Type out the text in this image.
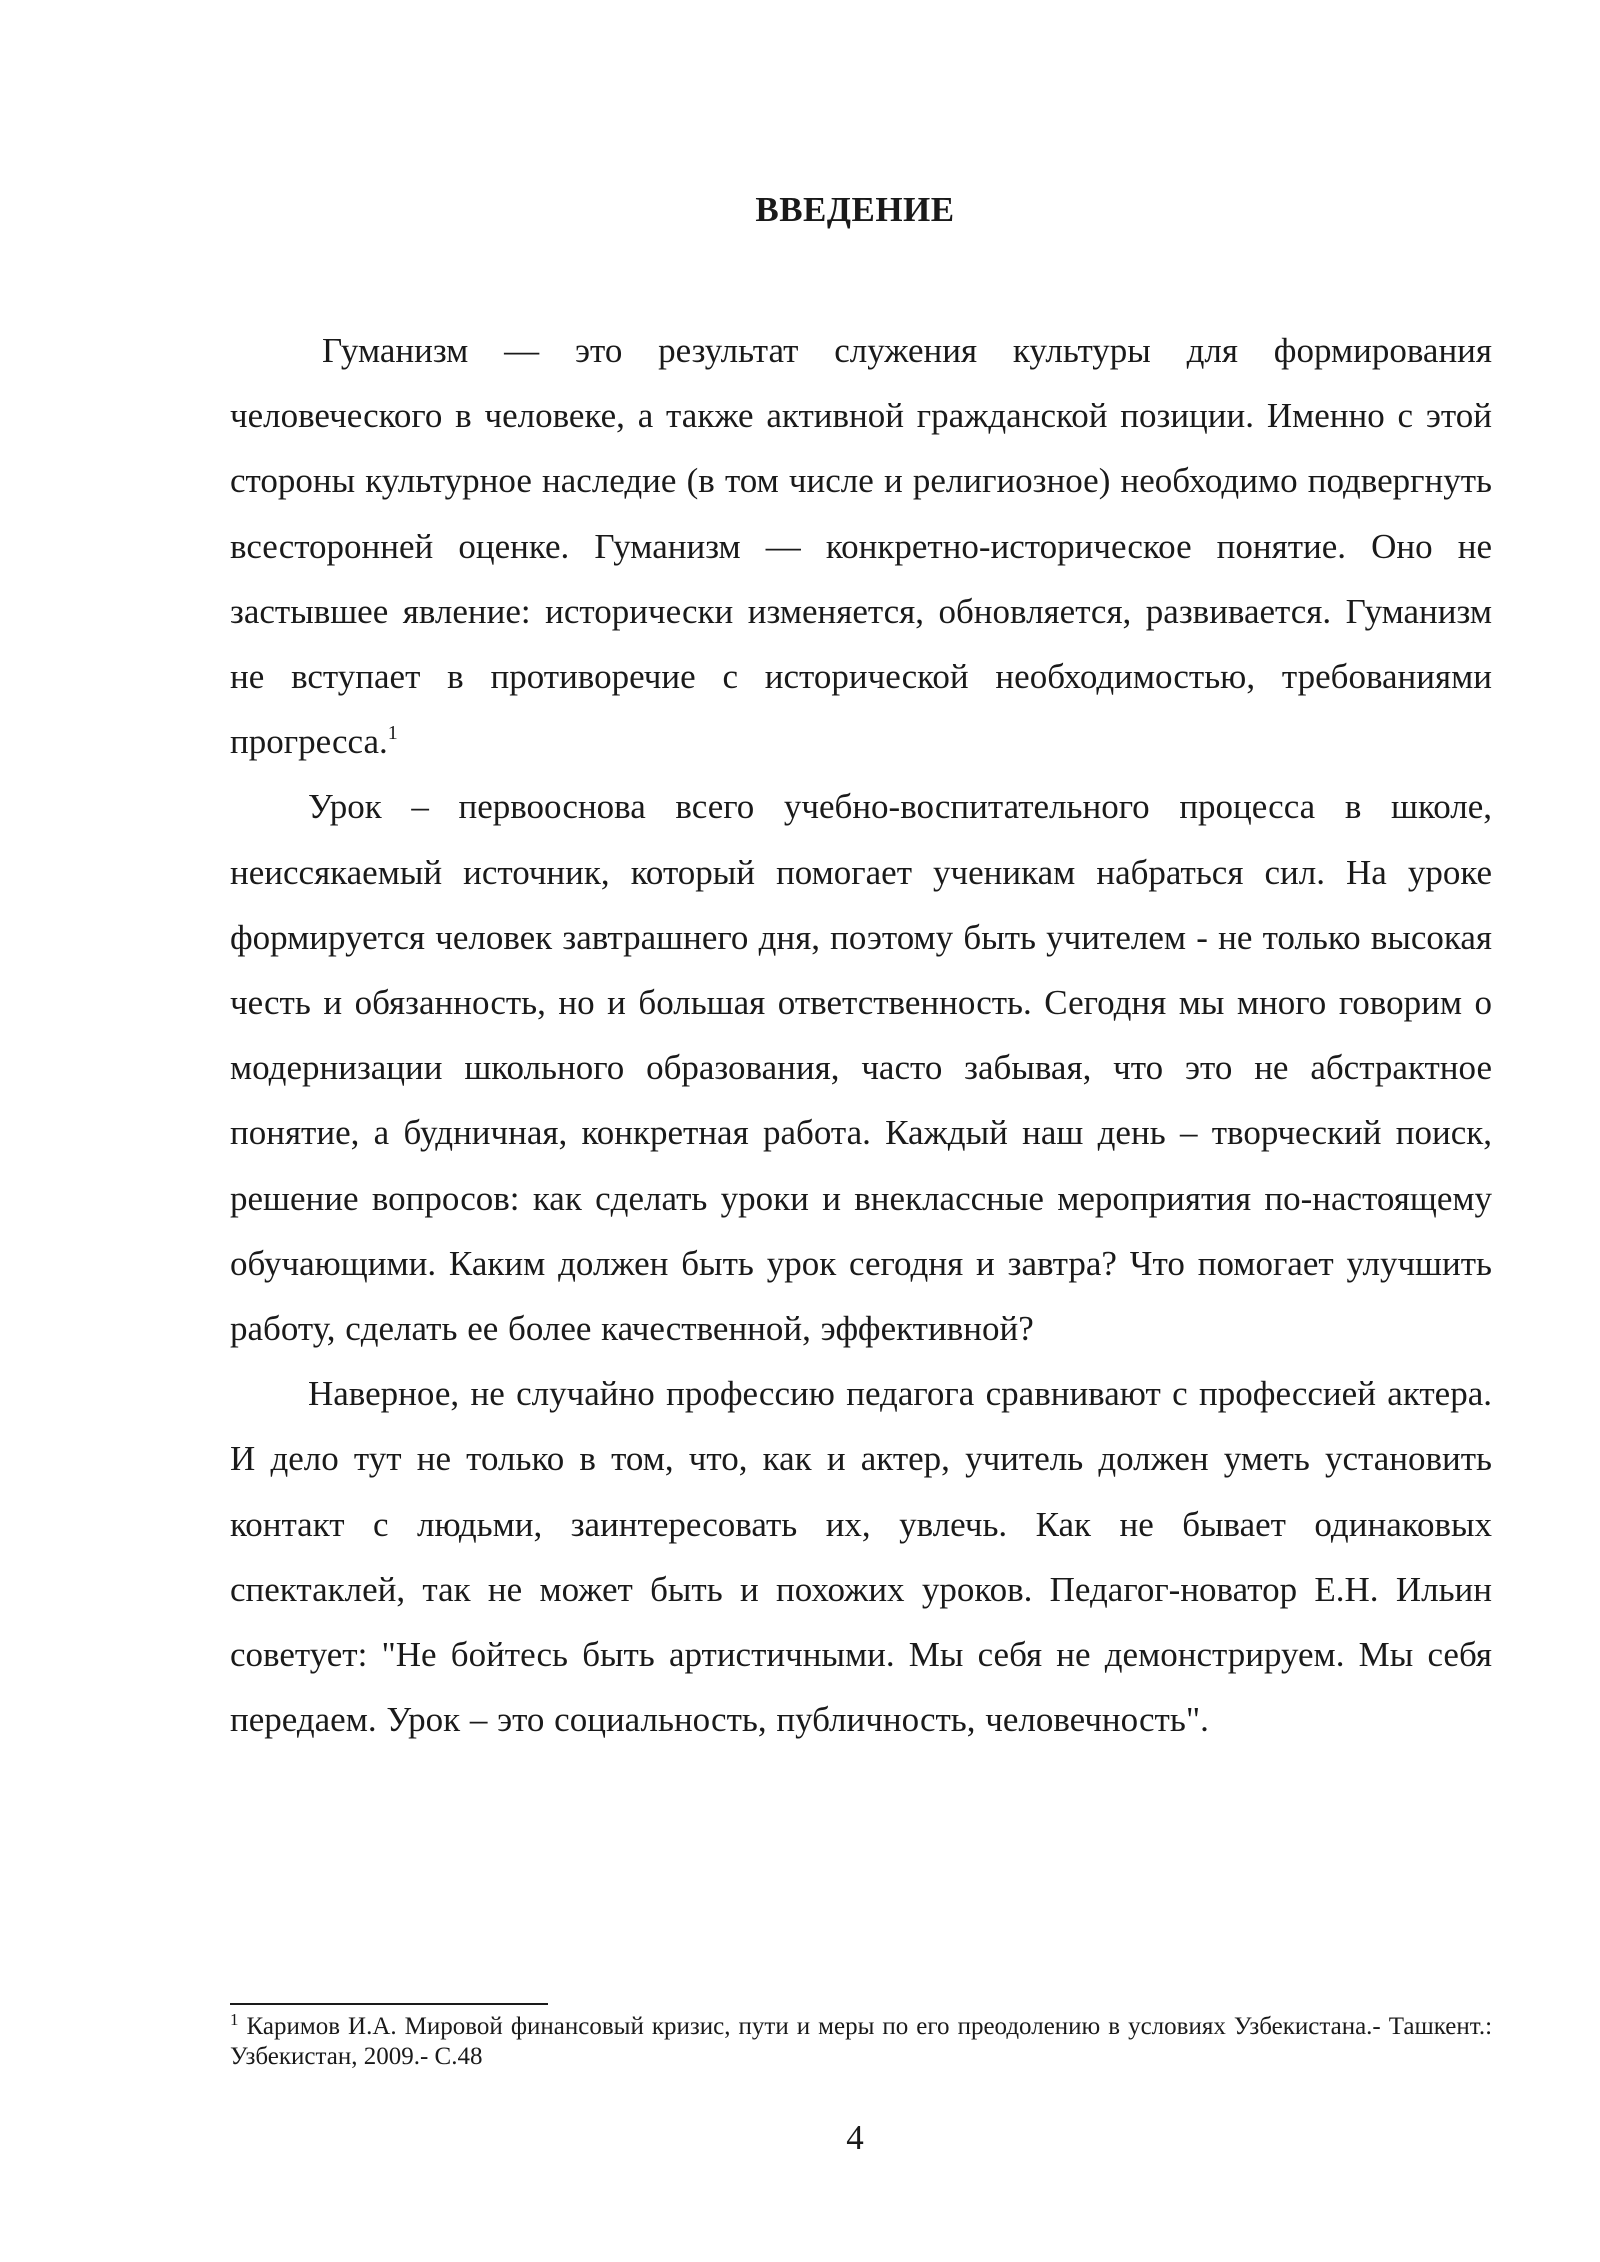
ВВЕДЕНИЕ

Гуманизм — это результат служения культуры для формирования человеческого в человеке, а также активной гражданской позиции. Именно с этой стороны культурное наследие (в том числе и религиозное) необходимо подвергнуть всесторонней оценке. Гуманизм — конкретно-историческое понятие. Оно не застывшее явление: исторически изменяется, обновляется, развивается. Гуманизм не вступает в противоречие с исторической необходимостью, требованиями прогресса.$^1$

Урок – первооснова всего учебно-воспитательного процесса в школе, неиссякаемый источник, который помогает ученикам набраться сил. На уроке формируется человек завтрашнего дня, поэтому быть учителем - не только высокая честь и обязанность, но и большая ответственность. Сегодня мы много говорим о модернизации школьного образования, часто забывая, что это не абстрактное понятие, а будничная, конкретная работа. Каждый наш день – творческий поиск, решение вопросов: как сделать уроки и внеклассные мероприятия по-настоящему обучающими. Каким должен быть урок сегодня и завтра? Что помогает улучшить работу, сделать ее более качественной, эффективной?

Наверное, не случайно профессию педагога сравнивают с профессией актера. И дело тут не только в том, что, как и актер, учитель должен уметь установить контакт с людьми, заинтересовать их, увлечь. Как не бывает одинаковых спектаклей, так не может быть и похожих уроков. Педагог-новатор Е.Н. Ильин советует: "Не бойтесь быть артистичными. Мы себя не демонстрируем. Мы себя передаем. Урок – это социальность, публичность, человечность".

$^1$ Каримов И.А. Мировой финансовый кризис, пути и меры по его преодолению в условиях Узбекистана.- Ташкент.: Узбекистан, 2009.- С.48

4
